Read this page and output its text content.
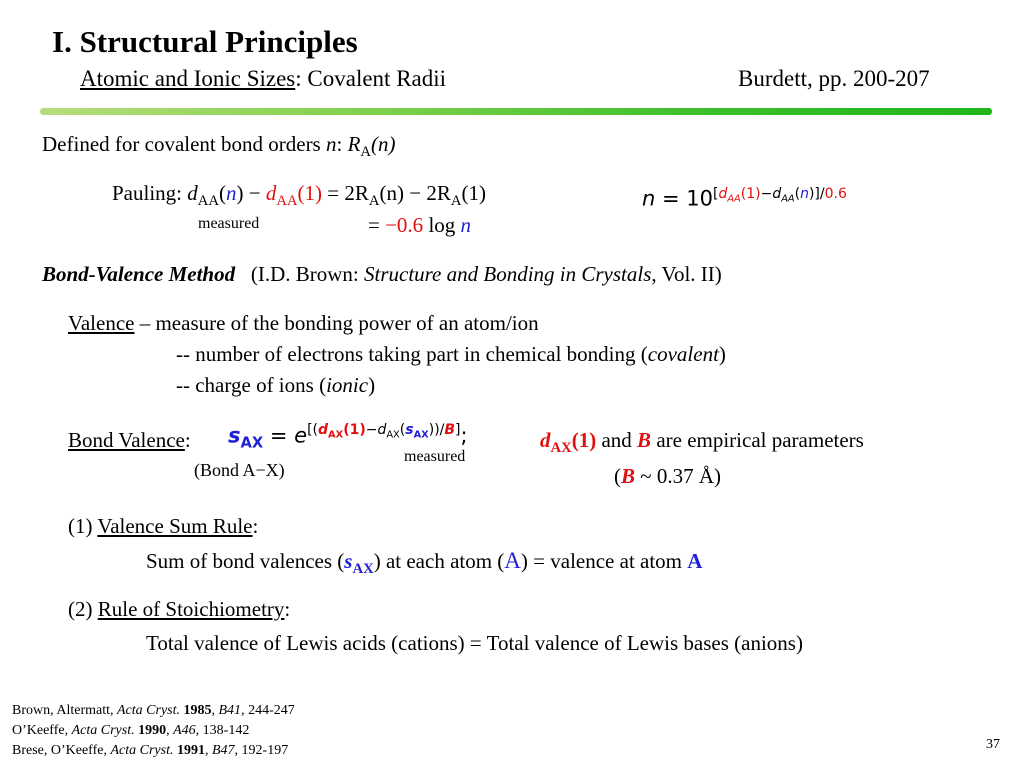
I. Structural Principles
Atomic and Ionic Sizes: Covalent Radii	Burdett, pp. 200-207
Defined for covalent bond orders n: $R_A(n)$
Pauling: $d_{AA}(n) - d_{AA}(1) = 2R_A(n) - 2R_A(1)$
measured	= −0.6 log n
$n = 10^{[d_{AA}(1)-d_{AA}(n)]/0.6}$
Bond-Valence Method (I.D. Brown: Structure and Bonding in Crystals, Vol. II)
Valence – measure of the bonding power of an atom/ion
-- number of electrons taking part in chemical bonding (covalent)
-- charge of ions (ionic)
Bond Valence: $s_{AX} = e[(dAX(1)-dAX(sAX))/B]$;
measured
$d_{AX}(1)$ and B are empirical parameters
(Bond A−X)	(B ~ 0.37 Å)
(1) Valence Sum Rule:
Sum of bond valences $(s_{AX})$ at each atom (A) = valence at atom A
(2) Rule of Stoichiometry:
Total valence of Lewis acids (cations) = Total valence of Lewis bases (anions)
Brown, Altermatt, Acta Cryst. 1985, B41, 244-247
O’Keeffe, Acta Cryst. 1990, A46, 138-142
Brese, O’Keeffe, Acta Cryst. 1991, B47, 192-197	37
